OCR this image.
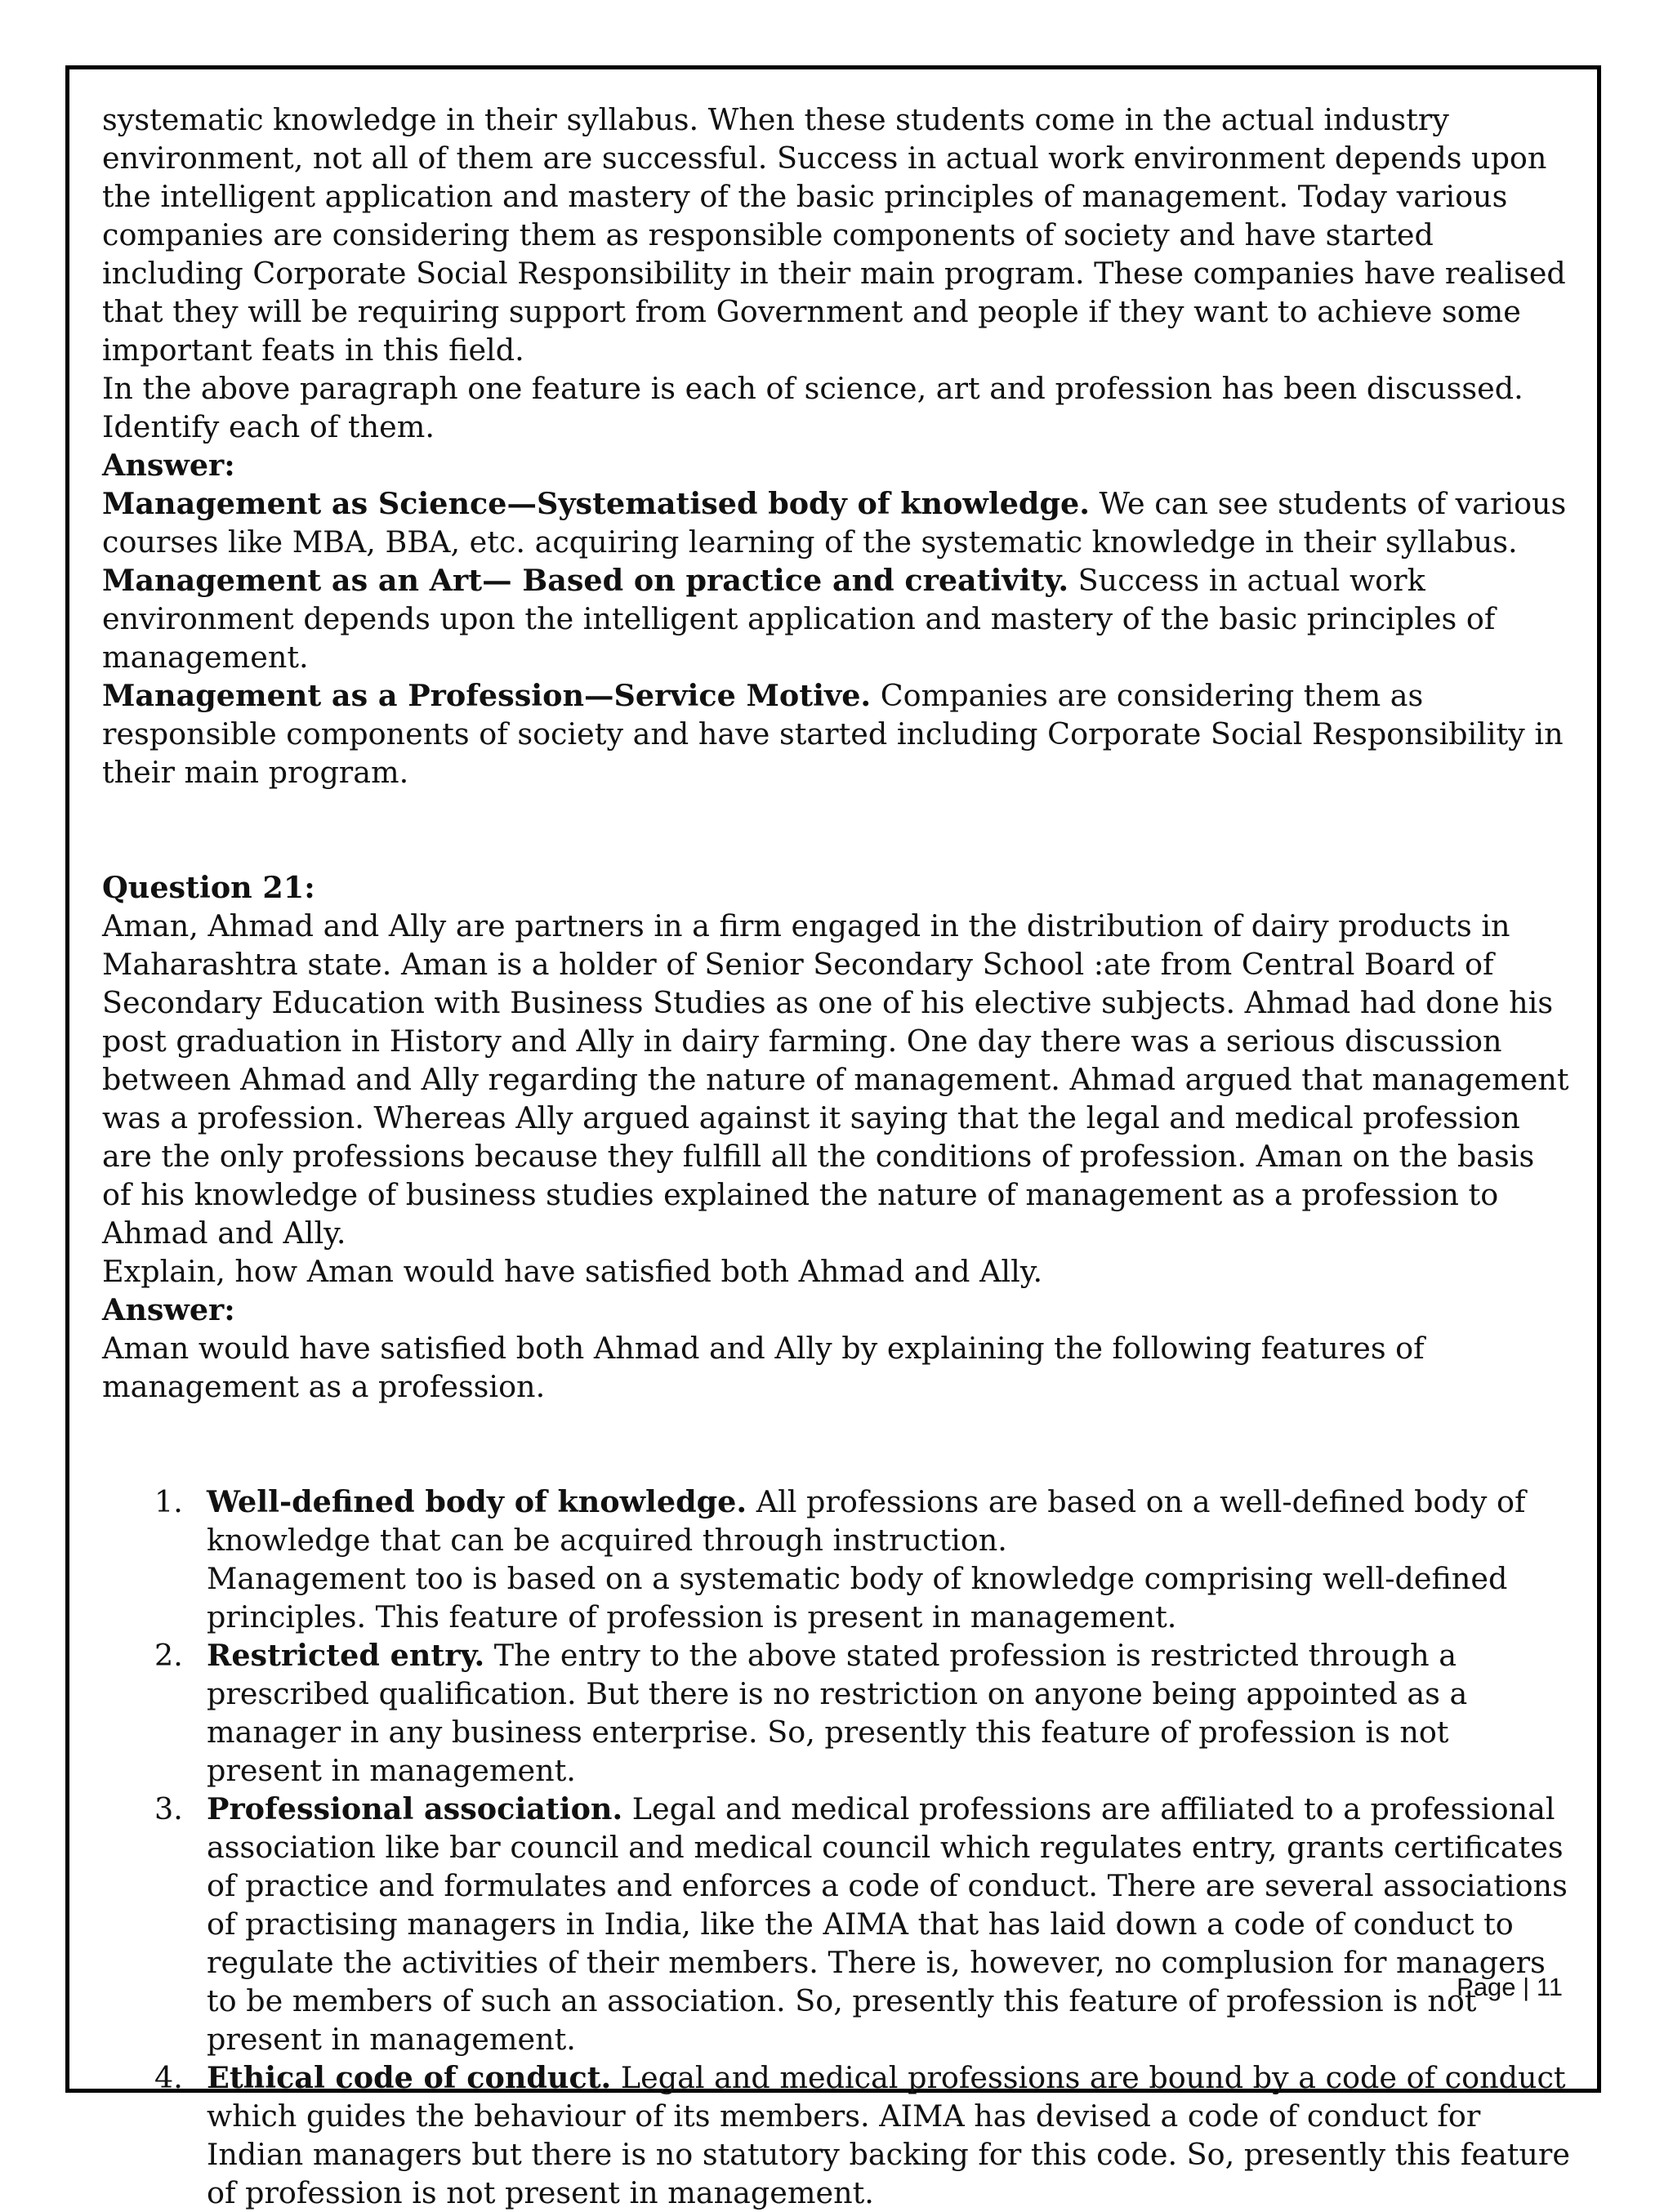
systematic knowledge in their syllabus. When these students come in the actual industry environment, not all of them are successful. Success in actual work environment depends upon the intelligent application and mastery of the basic principles of management. Today various companies are considering them as responsible components of society and have started including Corporate Social Responsibility in their main program. These companies have realised that they will be requiring support from Government and people if they want to achieve some important feats in this field.

In the above paragraph one feature is each of science, art and profession has been discussed. Identify each of them.

Answer:

Management as Science—Systematised body of knowledge. We can see students of various courses like MBA, BBA, etc. acquiring learning of the systematic knowledge in their syllabus.

Management as an Art— Based on practice and creativity. Success in actual work environment depends upon the intelligent application and mastery of the basic principles of management.

Management as a Profession—Service Motive. Companies are considering them as responsible components of society and have started including Corporate Social Responsibility in their main program.

Question 21:

Aman, Ahmad and Ally are partners in a firm engaged in the distribution of dairy products in Maharashtra state. Aman is a holder of Senior Secondary School :ate from Central Board of Secondary Education with Business Studies as one of his elective subjects. Ahmad had done his post graduation in History and Ally in dairy farming. One day there was a serious discussion between Ahmad and Ally regarding the nature of management. Ahmad argued that management was a profession. Whereas Ally argued against it saying that the legal and medical profession are the only professions because they fulfill all the conditions of profession. Aman on the basis of his knowledge of business studies explained the nature of management as a profession to Ahmad and Ally.

Explain, how Aman would have satisfied both Ahmad and Ally.

Answer:

Aman would have satisfied both Ahmad and Ally by explaining the following features of management as a profession.

1. Well-defined body of knowledge. All professions are based on a well-defined body of knowledge that can be acquired through instruction.
Management too is based on a systematic body of knowledge comprising well-defined principles. This feature of profession is present in management.
2. Restricted entry. The entry to the above stated profession is restricted through a prescribed qualification. But there is no restriction on anyone being appointed as a manager in any business enterprise. So, presently this feature of profession is not present in management.
3. Professional association. Legal and medical professions are affiliated to a professional association like bar council and medical council which regulates entry, grants certificates of practice and formulates and enforces a code of conduct. There are several associations of practising managers in India, like the AIMA that has laid down a code of conduct to regulate the activities of their members. There is, however, no complusion for managers to be members of such an association. So, presently this feature of profession is not present in management.
4. Ethical code of conduct. Legal and medical professions are bound by a code of conduct which guides the behaviour of its members. AIMA has devised a code of conduct for Indian managers but there is no statutory backing for this code. So, presently this feature of profession is not present in management.
Page | 11
